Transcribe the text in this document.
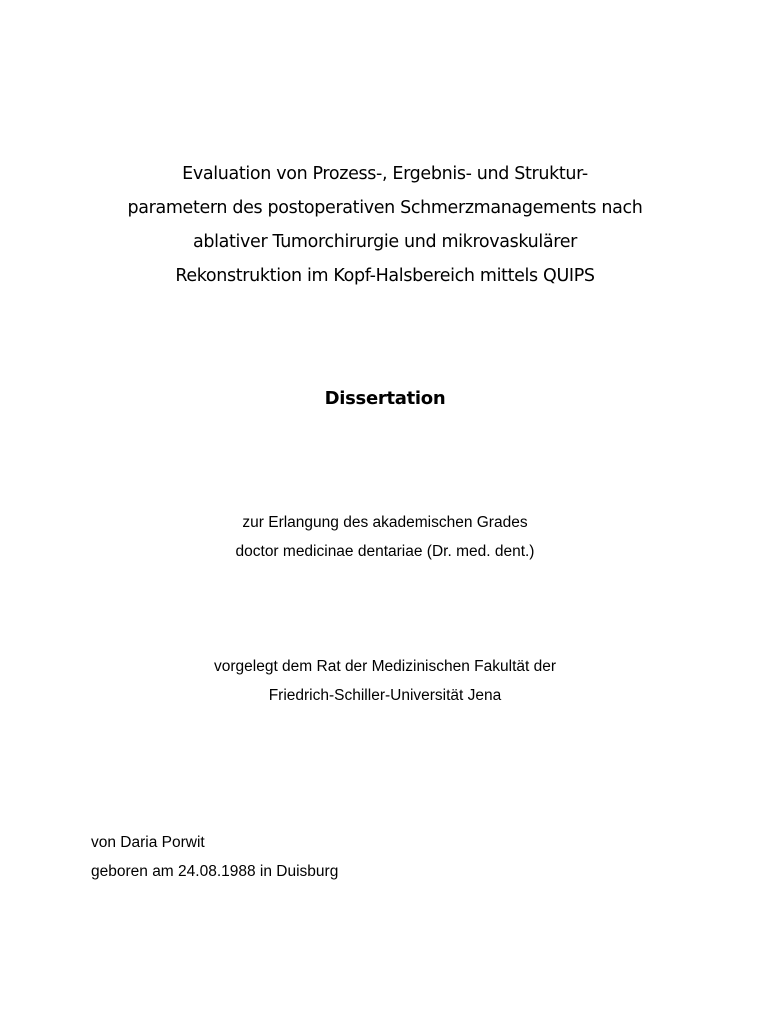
Evaluation von Prozess-, Ergebnis- und Struktur-
parametern des postoperativen Schmerzmanagements nach
ablativer Tumorchirurgie und mikrovaskulärer
Rekonstruktion im Kopf-Halsbereich mittels QUIPS
Dissertation
zur Erlangung des akademischen Grades
doctor medicinae dentariae (Dr. med. dent.)
vorgelegt dem Rat der Medizinischen Fakultät der
Friedrich-Schiller-Universität Jena
von Daria Porwit
geboren am 24.08.1988 in Duisburg
